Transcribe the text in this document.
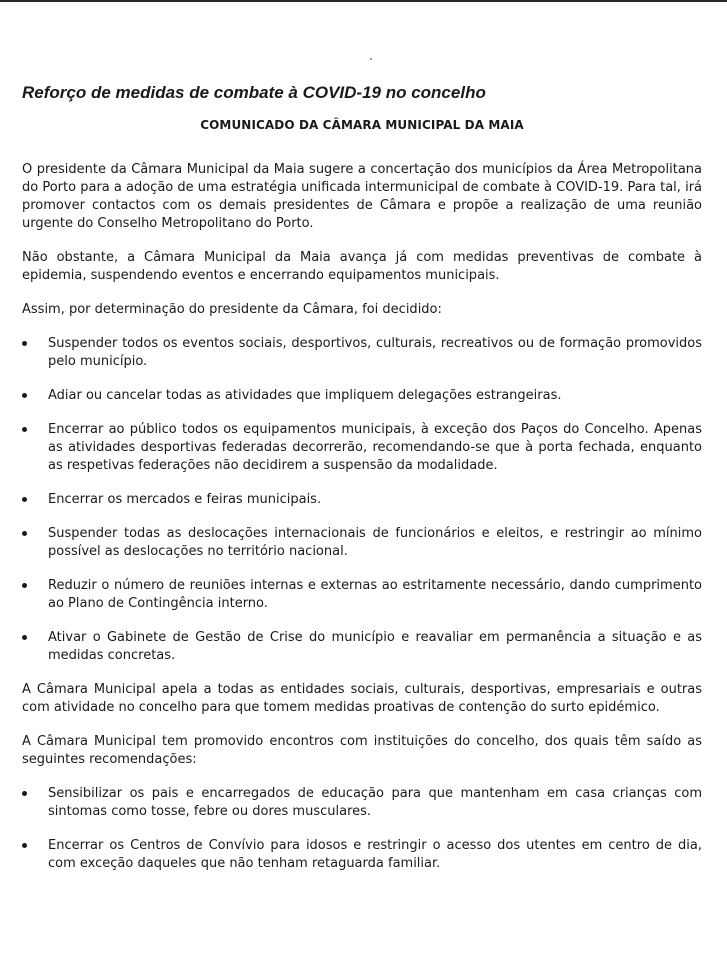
Reforço de medidas de combate à COVID-19 no concelho
COMUNICADO DA CÂMARA MUNICIPAL DA MAIA

O presidente da Câmara Municipal da Maia sugere a concertação dos municípios da Área Metropolitana do Porto para a adoção de uma estratégia unificada intermunicipal de combate à COVID-19. Para tal, irá promover contactos com os demais presidentes de Câmara e propõe a realização de uma reunião urgente do Conselho Metropolitano do Porto.

Não obstante, a Câmara Municipal da Maia avança já com medidas preventivas de combate à epidemia, suspendendo eventos e encerrando equipamentos municipais.

Assim, por determinação do presidente da Câmara, foi decidido:

Suspender todos os eventos sociais, desportivos, culturais, recreativos ou de formação promovidos pelo município.
Adiar ou cancelar todas as atividades que impliquem delegações estrangeiras.
Encerrar ao público todos os equipamentos municipais, à exceção dos Paços do Concelho. Apenas as atividades desportivas federadas decorrerão, recomendando-se que à porta fechada, enquanto as respetivas federações não decidirem a suspensão da modalidade.
Encerrar os mercados e feiras municipais.
Suspender todas as deslocações internacionais de funcionários e eleitos, e restringir ao mínimo possível as deslocações no território nacional.
Reduzir o número de reuniões internas e externas ao estritamente necessário, dando cumprimento ao Plano de Contingência interno.
Ativar o Gabinete de Gestão de Crise do município e reavaliar em permanência a situação e as medidas concretas.

A Câmara Municipal apela a todas as entidades sociais, culturais, desportivas, empresariais e outras com atividade no concelho para que tomem medidas proativas de contenção do surto epidémico.

A Câmara Municipal tem promovido encontros com instituições do concelho, dos quais têm saído as seguintes recomendações:

Sensibilizar os pais e encarregados de educação para que mantenham em casa crianças com sintomas como tosse, febre ou dores musculares.
Encerrar os Centros de Convívio para idosos e restringir o acesso dos utentes em centro de dia, com exceção daqueles que não tenham retaguarda familiar.
